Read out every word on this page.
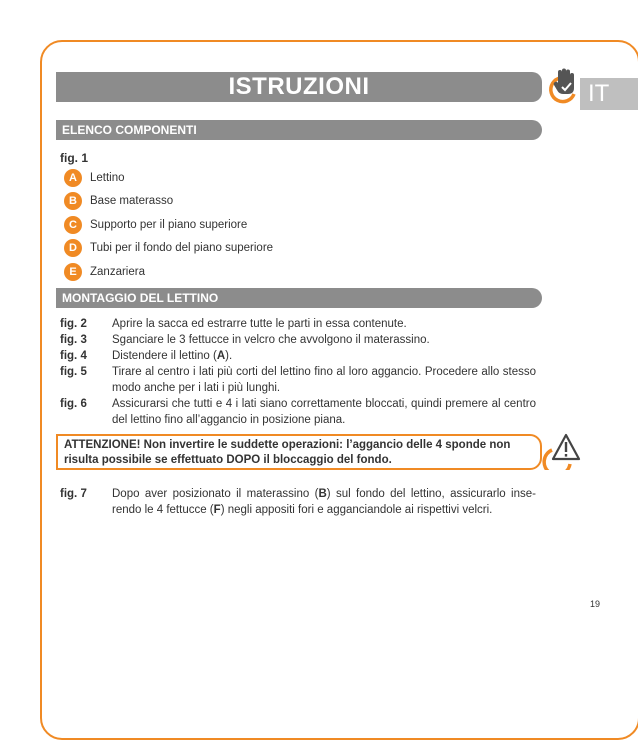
IT
ISTRUZIONI
ELENCO COMPONENTI
fig. 1
A	Lettino
B	Base materasso
C	Supporto per il piano superiore
D	Tubi per il fondo del piano superiore
E	Zanzariera
MONTAGGIO DEL LETTINO
fig. 2	Aprire la sacca ed estrarre tutte le parti in essa contenute.
fig. 3	Sganciare le 3 fettucce in velcro che avvolgono il materassino.
fig. 4	Distendere il lettino (A).
fig. 5	Tirare al centro i lati più corti del lettino fino al loro aggancio. Procedere allo stesso modo anche per i lati i più lunghi.
fig. 6	Assicurarsi che tutti e 4 i lati siano correttamente bloccati, quindi premere al centro del lettino fino all’aggancio in posizione piana.
ATTENZIONE! Non invertire le suddette operazioni: l’aggancio delle 4 sponde non risulta possibile se effettuato DOPO il bloccaggio del fondo.
fig. 7	Dopo aver posizionato il materassino (B) sul fondo del lettino, assicurarlo inse-rendo le 4 fettucce (F) negli appositi fori e agganciandole ai rispettivi velcri.
19
